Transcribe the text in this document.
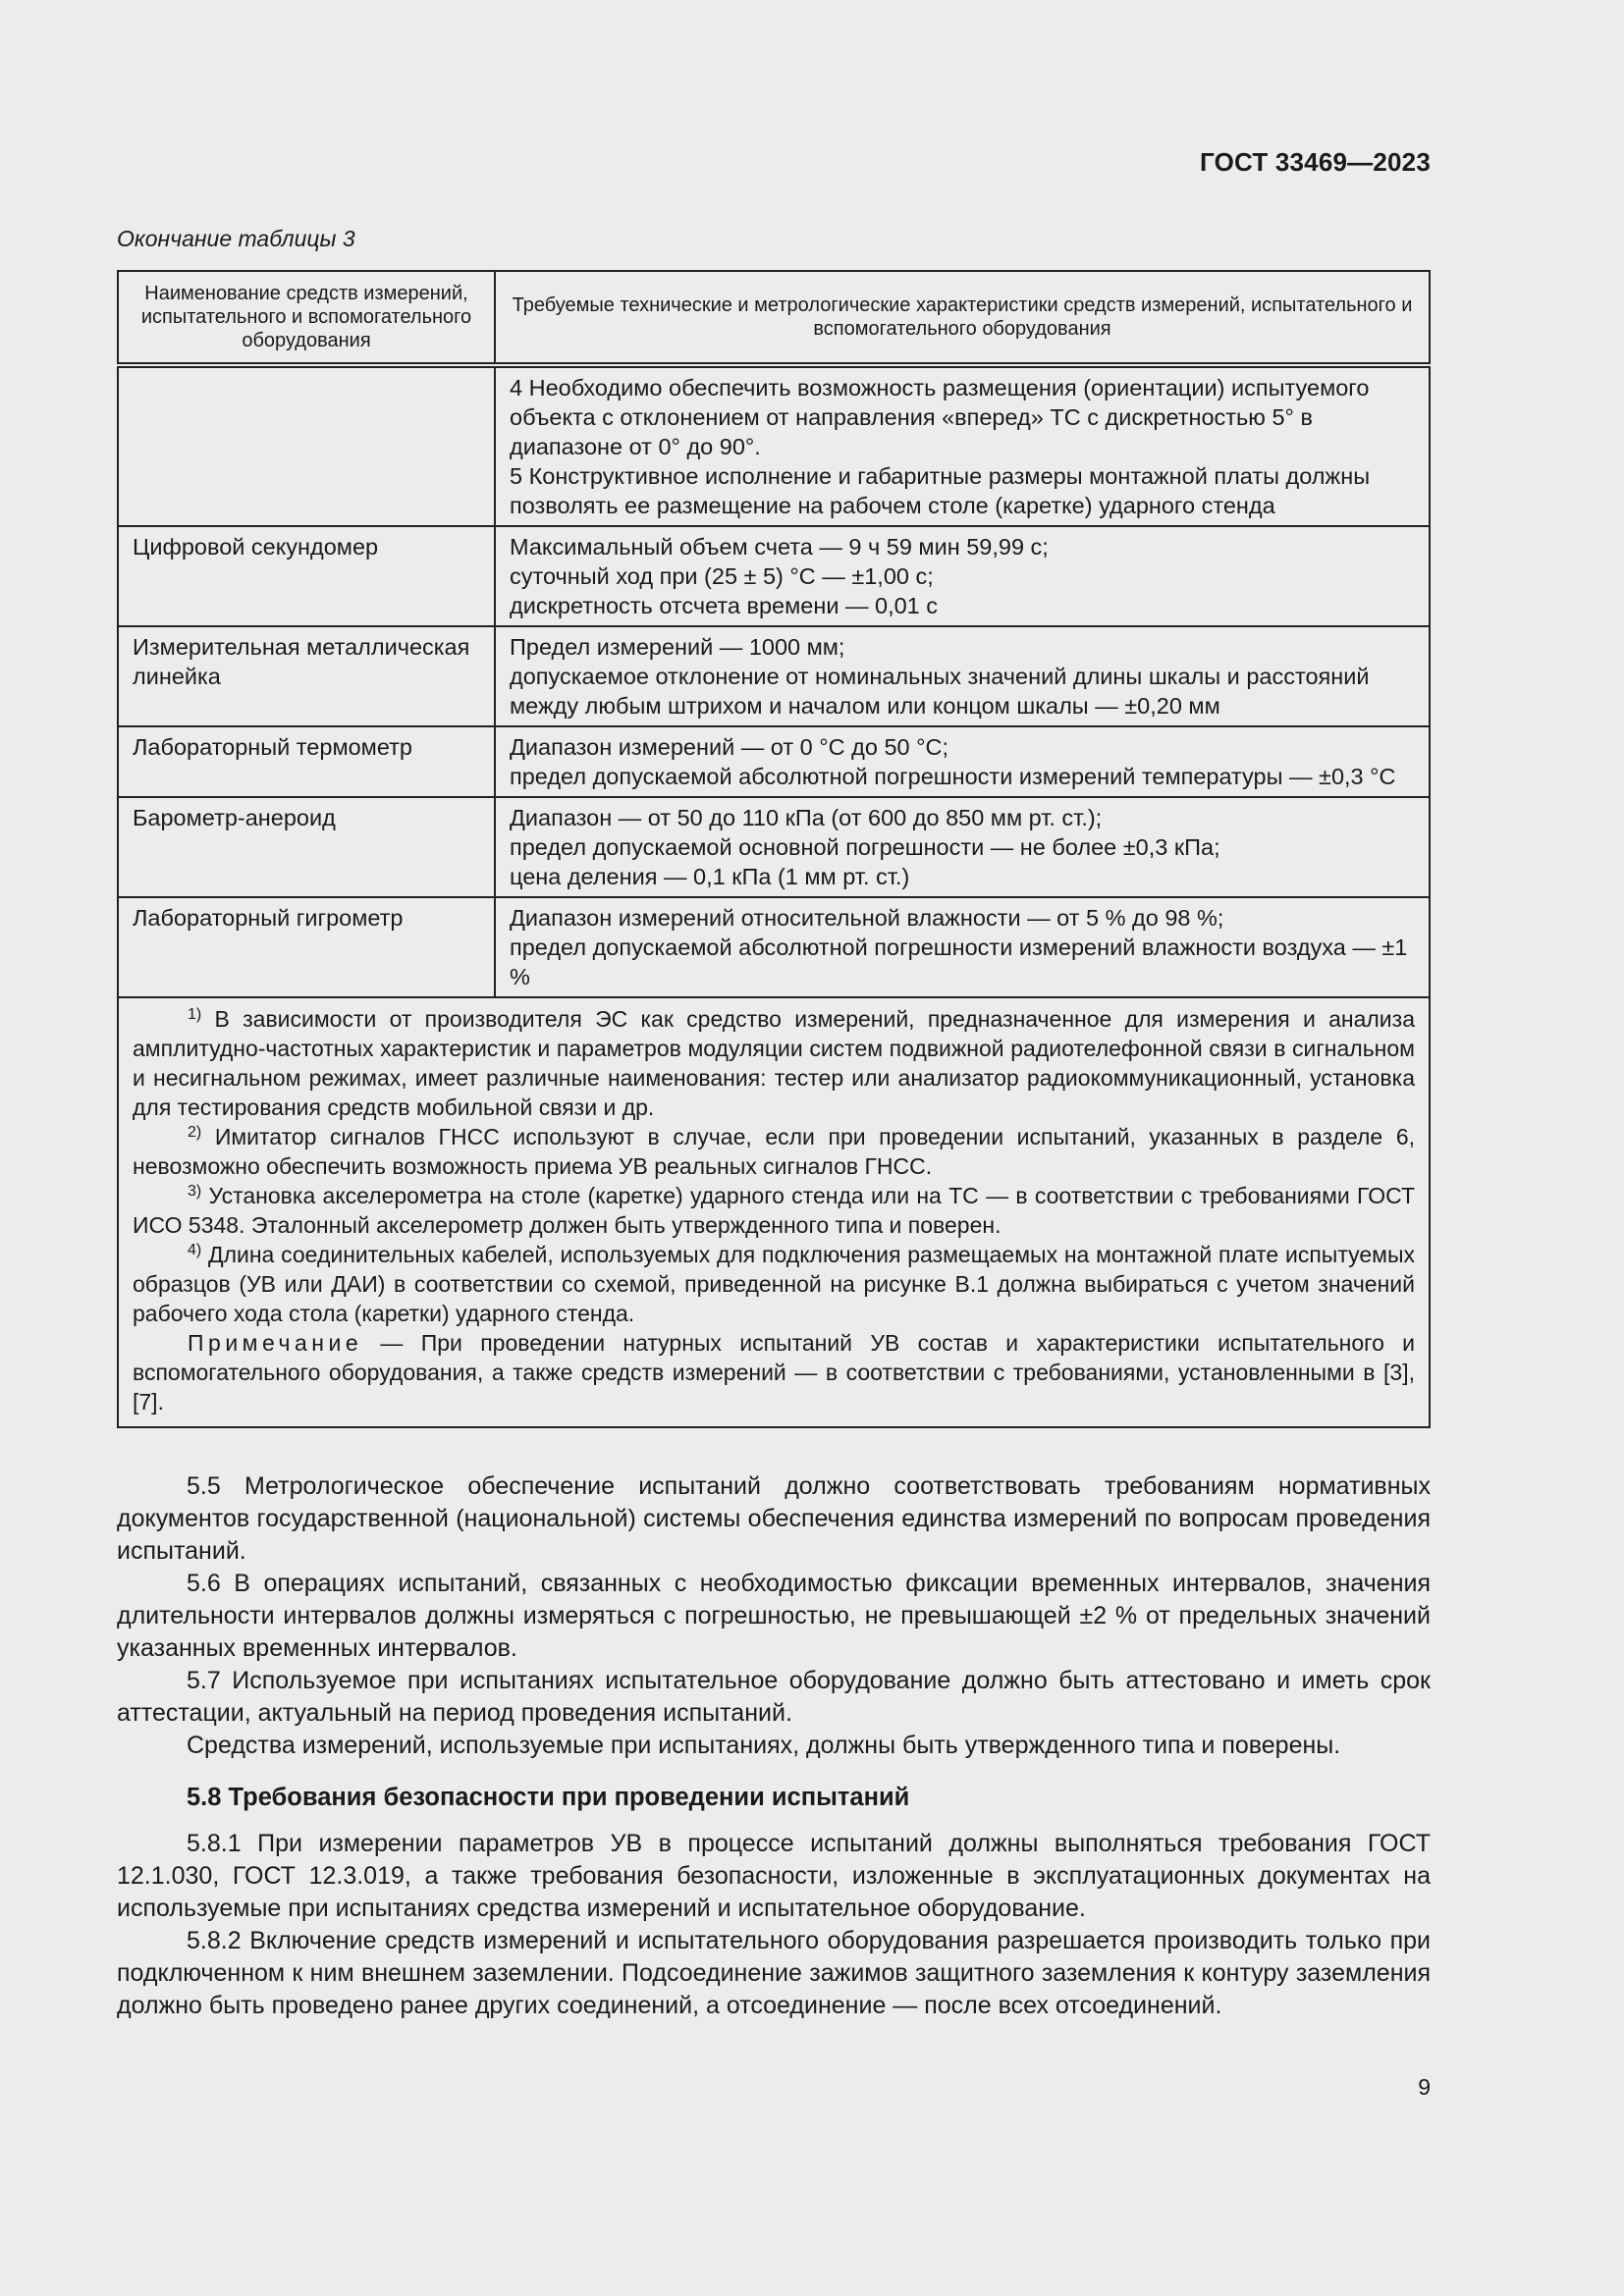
ГОСТ 33469—2023
Окончание таблицы 3
Наименование средств измерений, испытательного и вспомогательного оборудования	Требуемые технические и метрологические характеристики средств измерений, испытательного и вспомогательного оборудования

	4 Необходимо обеспечить возможность размещения (ориентации) испытуемого объекта с отклонением от направления «вперед» ТС с дискретностью 5° в диапазоне от 0° до 90°.
5 Конструктивное исполнение и габаритные размеры монтажной платы должны позволять ее размещение на рабочем столе (каретке) ударного стенда

Цифровой секундомер	Максимальный объем счета — 9 ч 59 мин 59,99 с;
суточный ход при (25 ± 5) °С — ±1,00 с;
дискретность отсчета времени — 0,01 с

Измерительная металлическая линейка	Предел измерений — 1000 мм;
допускаемое отклонение от номинальных значений длины шкалы и расстояний между любым штрихом и началом или концом шкалы — ±0,20 мм

Лабораторный термометр	Диапазон измерений — от 0 °С до 50 °С;
предел допускаемой абсолютной погрешности измерений температуры — ±0,3 °С

Барометр-анероид	Диапазон — от 50 до 110 кПа (от 600 до 850 мм рт. ст.);
предел допускаемой основной погрешности — не более ±0,3 кПа;
цена деления — 0,1 кПа (1 мм рт. ст.)

Лабораторный гигрометр	Диапазон измерений относительной влажности — от 5 % до 98 %;
предел допускаемой абсолютной погрешности измерений влажности воздуха — ±1 %

$^{1)}$ В зависимости от производителя ЭС как средство измерений, предназначенное для измерения и анализа амплитудно-частотных характеристик и параметров модуляции систем подвижной радиотелефонной связи в сигнальном и несигнальном режимах, имеет различные наименования: тестер или анализатор радиокоммуникационный, установка для тестирования средств мобильной связи и др.
$^{2)}$ Имитатор сигналов ГНСС используют в случае, если при проведении испытаний, указанных в разделе 6, невозможно обеспечить возможность приема УВ реальных сигналов ГНСС.
$^{3)}$ Установка акселерометра на столе (каретке) ударного стенда или на ТС — в соответствии с требованиями ГОСТ ИСО 5348. Эталонный акселерометр должен быть утвержденного типа и поверен.
$^{4)}$ Длина соединительных кабелей, используемых для подключения размещаемых на монтажной плате испытуемых образцов (УВ или ДАИ) в соответствии со схемой, приведенной на рисунке В.1 должна выбираться с учетом значений рабочего хода стола (каретки) ударного стенда.
Примечание — При проведении натурных испытаний УВ состав и характеристики испытательного и вспомогательного оборудования, а также средств измерений — в соответствии с требованиями, установленными в [3], [7].	

5.5 Метрологическое обеспечение испытаний должно соответствовать требованиям нормативных документов государственной (национальной) системы обеспечения единства измерений по вопросам проведения испытаний.

5.6 В операциях испытаний, связанных с необходимостью фиксации временных интервалов, значения длительности интервалов должны измеряться с погрешностью, не превышающей ±2 % от предельных значений указанных временных интервалов.

5.7 Используемое при испытаниях испытательное оборудование должно быть аттестовано и иметь срок аттестации, актуальный на период проведения испытаний.

Средства измерений, используемые при испытаниях, должны быть утвержденного типа и поверены.

5.8 Требования безопасности при проведении испытаний

5.8.1 При измерении параметров УВ в процессе испытаний должны выполняться требования ГОСТ 12.1.030, ГОСТ 12.3.019, а также требования безопасности, изложенные в эксплуатационных документах на используемые при испытаниях средства измерений и испытательное оборудование.

5.8.2 Включение средств измерений и испытательного оборудования разрешается производить только при подключенном к ним внешнем заземлении. Подсоединение зажимов защитного заземления к контуру заземления должно быть проведено ранее других соединений, а отсоединение — после всех отсоединений.

9
